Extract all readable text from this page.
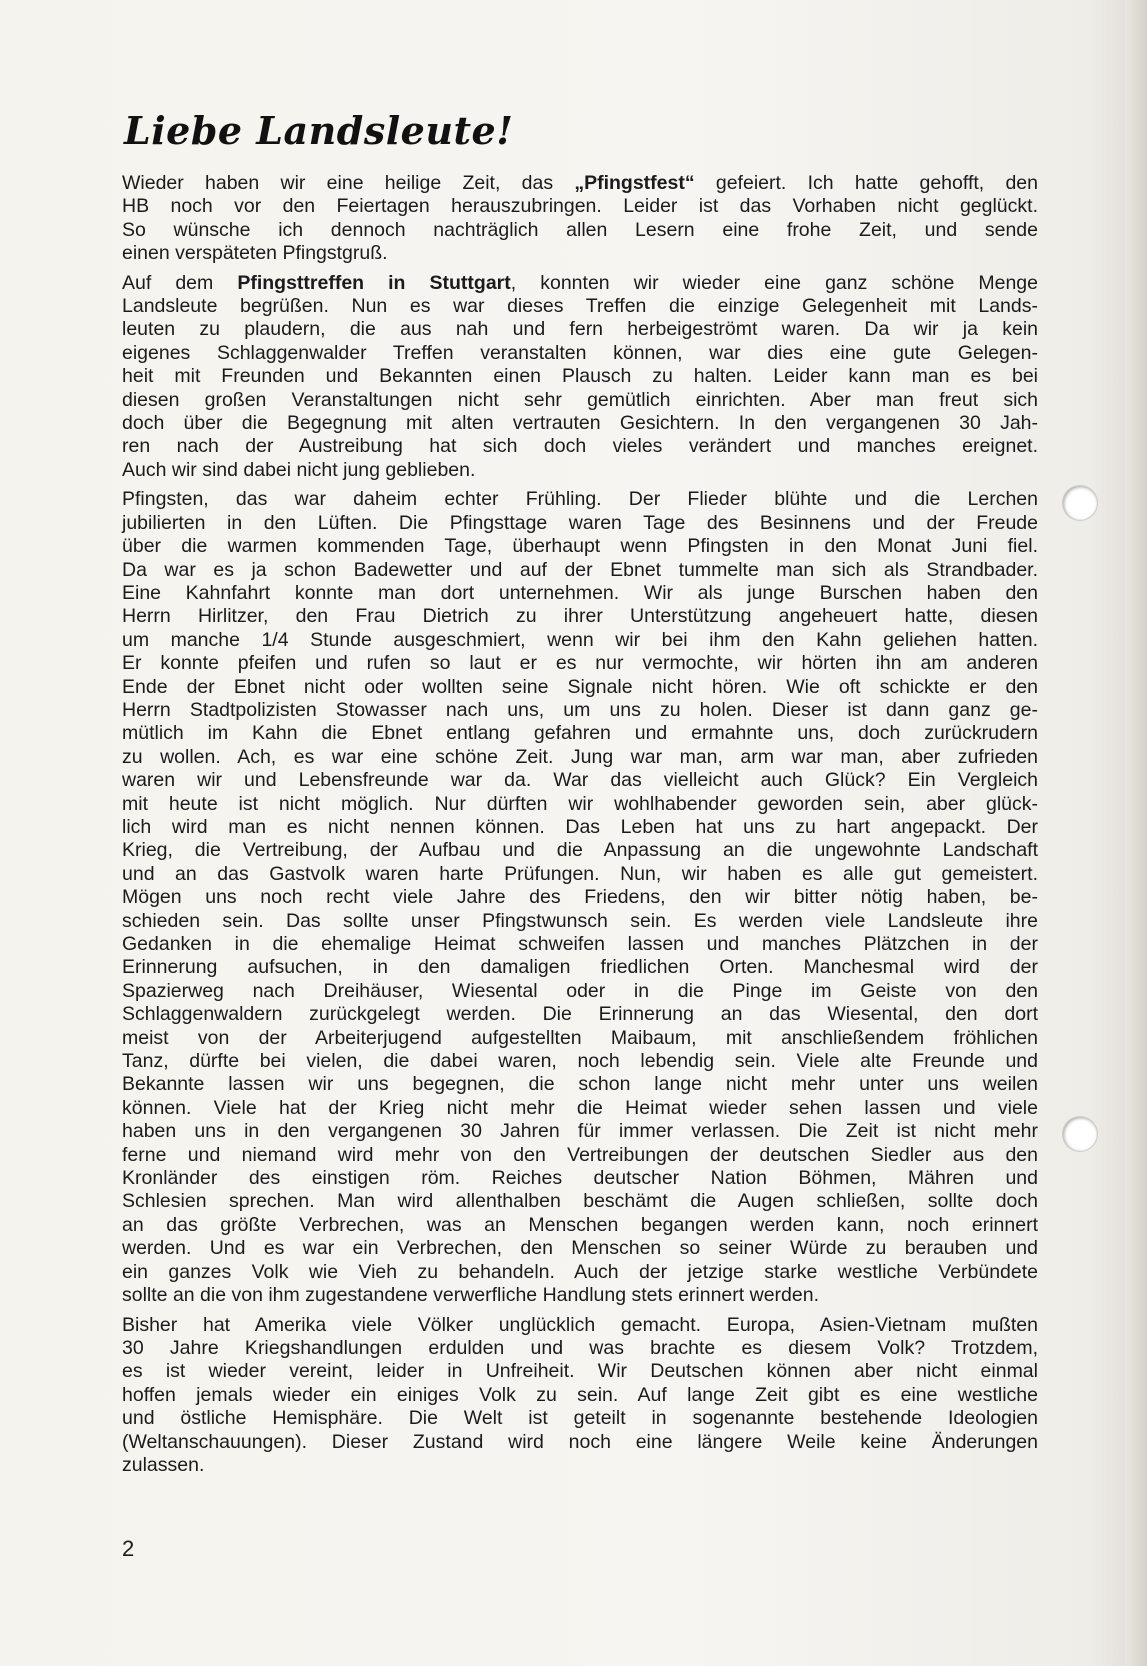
Liebe Landsleute!

Wieder haben wir eine heilige Zeit, das „Pfingstfest“ gefeiert. Ich hatte gehofft, den
HB noch vor den Feiertagen herauszubringen. Leider ist das Vorhaben nicht geglückt.
So wünsche ich dennoch nachträglich allen Lesern eine frohe Zeit, und sende
einen verspäteten Pfingstgruß.

Auf dem Pfingsttreffen in Stuttgart, konnten wir wieder eine ganz schöne Menge
Landsleute begrüßen. Nun es war dieses Treffen die einzige Gelegenheit mit Lands-
leuten zu plaudern, die aus nah und fern herbeigeströmt waren. Da wir ja kein
eigenes Schlaggenwalder Treffen veranstalten können, war dies eine gute Gelegen-
heit mit Freunden und Bekannten einen Plausch zu halten. Leider kann man es bei
diesen großen Veranstaltungen nicht sehr gemütlich einrichten. Aber man freut sich
doch über die Begegnung mit alten vertrauten Gesichtern. In den vergangenen 30 Jah-
ren nach der Austreibung hat sich doch vieles verändert und manches ereignet.
Auch wir sind dabei nicht jung geblieben.

Pfingsten, das war daheim echter Frühling. Der Flieder blühte und die Lerchen
jubilierten in den Lüften. Die Pfingsttage waren Tage des Besinnens und der Freude
über die warmen kommenden Tage, überhaupt wenn Pfingsten in den Monat Juni fiel.
Da war es ja schon Badewetter und auf der Ebnet tummelte man sich als Strandbader.
Eine Kahnfahrt konnte man dort unternehmen. Wir als junge Burschen haben den
Herrn Hirlitzer, den Frau Dietrich zu ihrer Unterstützung angeheuert hatte, diesen
um manche 1/4 Stunde ausgeschmiert, wenn wir bei ihm den Kahn geliehen hatten.
Er konnte pfeifen und rufen so laut er es nur vermochte, wir hörten ihn am anderen
Ende der Ebnet nicht oder wollten seine Signale nicht hören. Wie oft schickte er den
Herrn Stadtpolizisten Stowasser nach uns, um uns zu holen. Dieser ist dann ganz ge-
mütlich im Kahn die Ebnet entlang gefahren und ermahnte uns, doch zurückrudern
zu wollen. Ach, es war eine schöne Zeit. Jung war man, arm war man, aber zufrieden
waren wir und Lebensfreunde war da. War das vielleicht auch Glück? Ein Vergleich
mit heute ist nicht möglich. Nur dürften wir wohlhabender geworden sein, aber glück-
lich wird man es nicht nennen können. Das Leben hat uns zu hart angepackt. Der
Krieg, die Vertreibung, der Aufbau und die Anpassung an die ungewohnte Landschaft
und an das Gastvolk waren harte Prüfungen. Nun, wir haben es alle gut gemeistert.
Mögen uns noch recht viele Jahre des Friedens, den wir bitter nötig haben, be-
schieden sein. Das sollte unser Pfingstwunsch sein. Es werden viele Landsleute ihre
Gedanken in die ehemalige Heimat schweifen lassen und manches Plätzchen in der
Erinnerung aufsuchen, in den damaligen friedlichen Orten. Manchesmal wird der
Spazierweg nach Dreihäuser, Wiesental oder in die Pinge im Geiste von den
Schlaggenwaldern zurückgelegt werden. Die Erinnerung an das Wiesental, den dort
meist von der Arbeiterjugend aufgestellten Maibaum, mit anschließendem fröhlichen
Tanz, dürfte bei vielen, die dabei waren, noch lebendig sein. Viele alte Freunde und
Bekannte lassen wir uns begegnen, die schon lange nicht mehr unter uns weilen
können. Viele hat der Krieg nicht mehr die Heimat wieder sehen lassen und viele
haben uns in den vergangenen 30 Jahren für immer verlassen. Die Zeit ist nicht mehr
ferne und niemand wird mehr von den Vertreibungen der deutschen Siedler aus den
Kronländer des einstigen röm. Reiches deutscher Nation Böhmen, Mähren und
Schlesien sprechen. Man wird allenthalben beschämt die Augen schließen, sollte doch
an das größte Verbrechen, was an Menschen begangen werden kann, noch erinnert
werden. Und es war ein Verbrechen, den Menschen so seiner Würde zu berauben und
ein ganzes Volk wie Vieh zu behandeln. Auch der jetzige starke westliche Verbündete
sollte an die von ihm zugestandene verwerfliche Handlung stets erinnert werden.

Bisher hat Amerika viele Völker unglücklich gemacht. Europa, Asien-Vietnam mußten
30 Jahre Kriegshandlungen erdulden und was brachte es diesem Volk? Trotzdem,
es ist wieder vereint, leider in Unfreiheit. Wir Deutschen können aber nicht einmal
hoffen jemals wieder ein einiges Volk zu sein. Auf lange Zeit gibt es eine westliche
und östliche Hemisphäre. Die Welt ist geteilt in sogenannte bestehende Ideologien
(Weltanschauungen). Dieser Zustand wird noch eine längere Weile keine Änderungen
zulassen.

2
